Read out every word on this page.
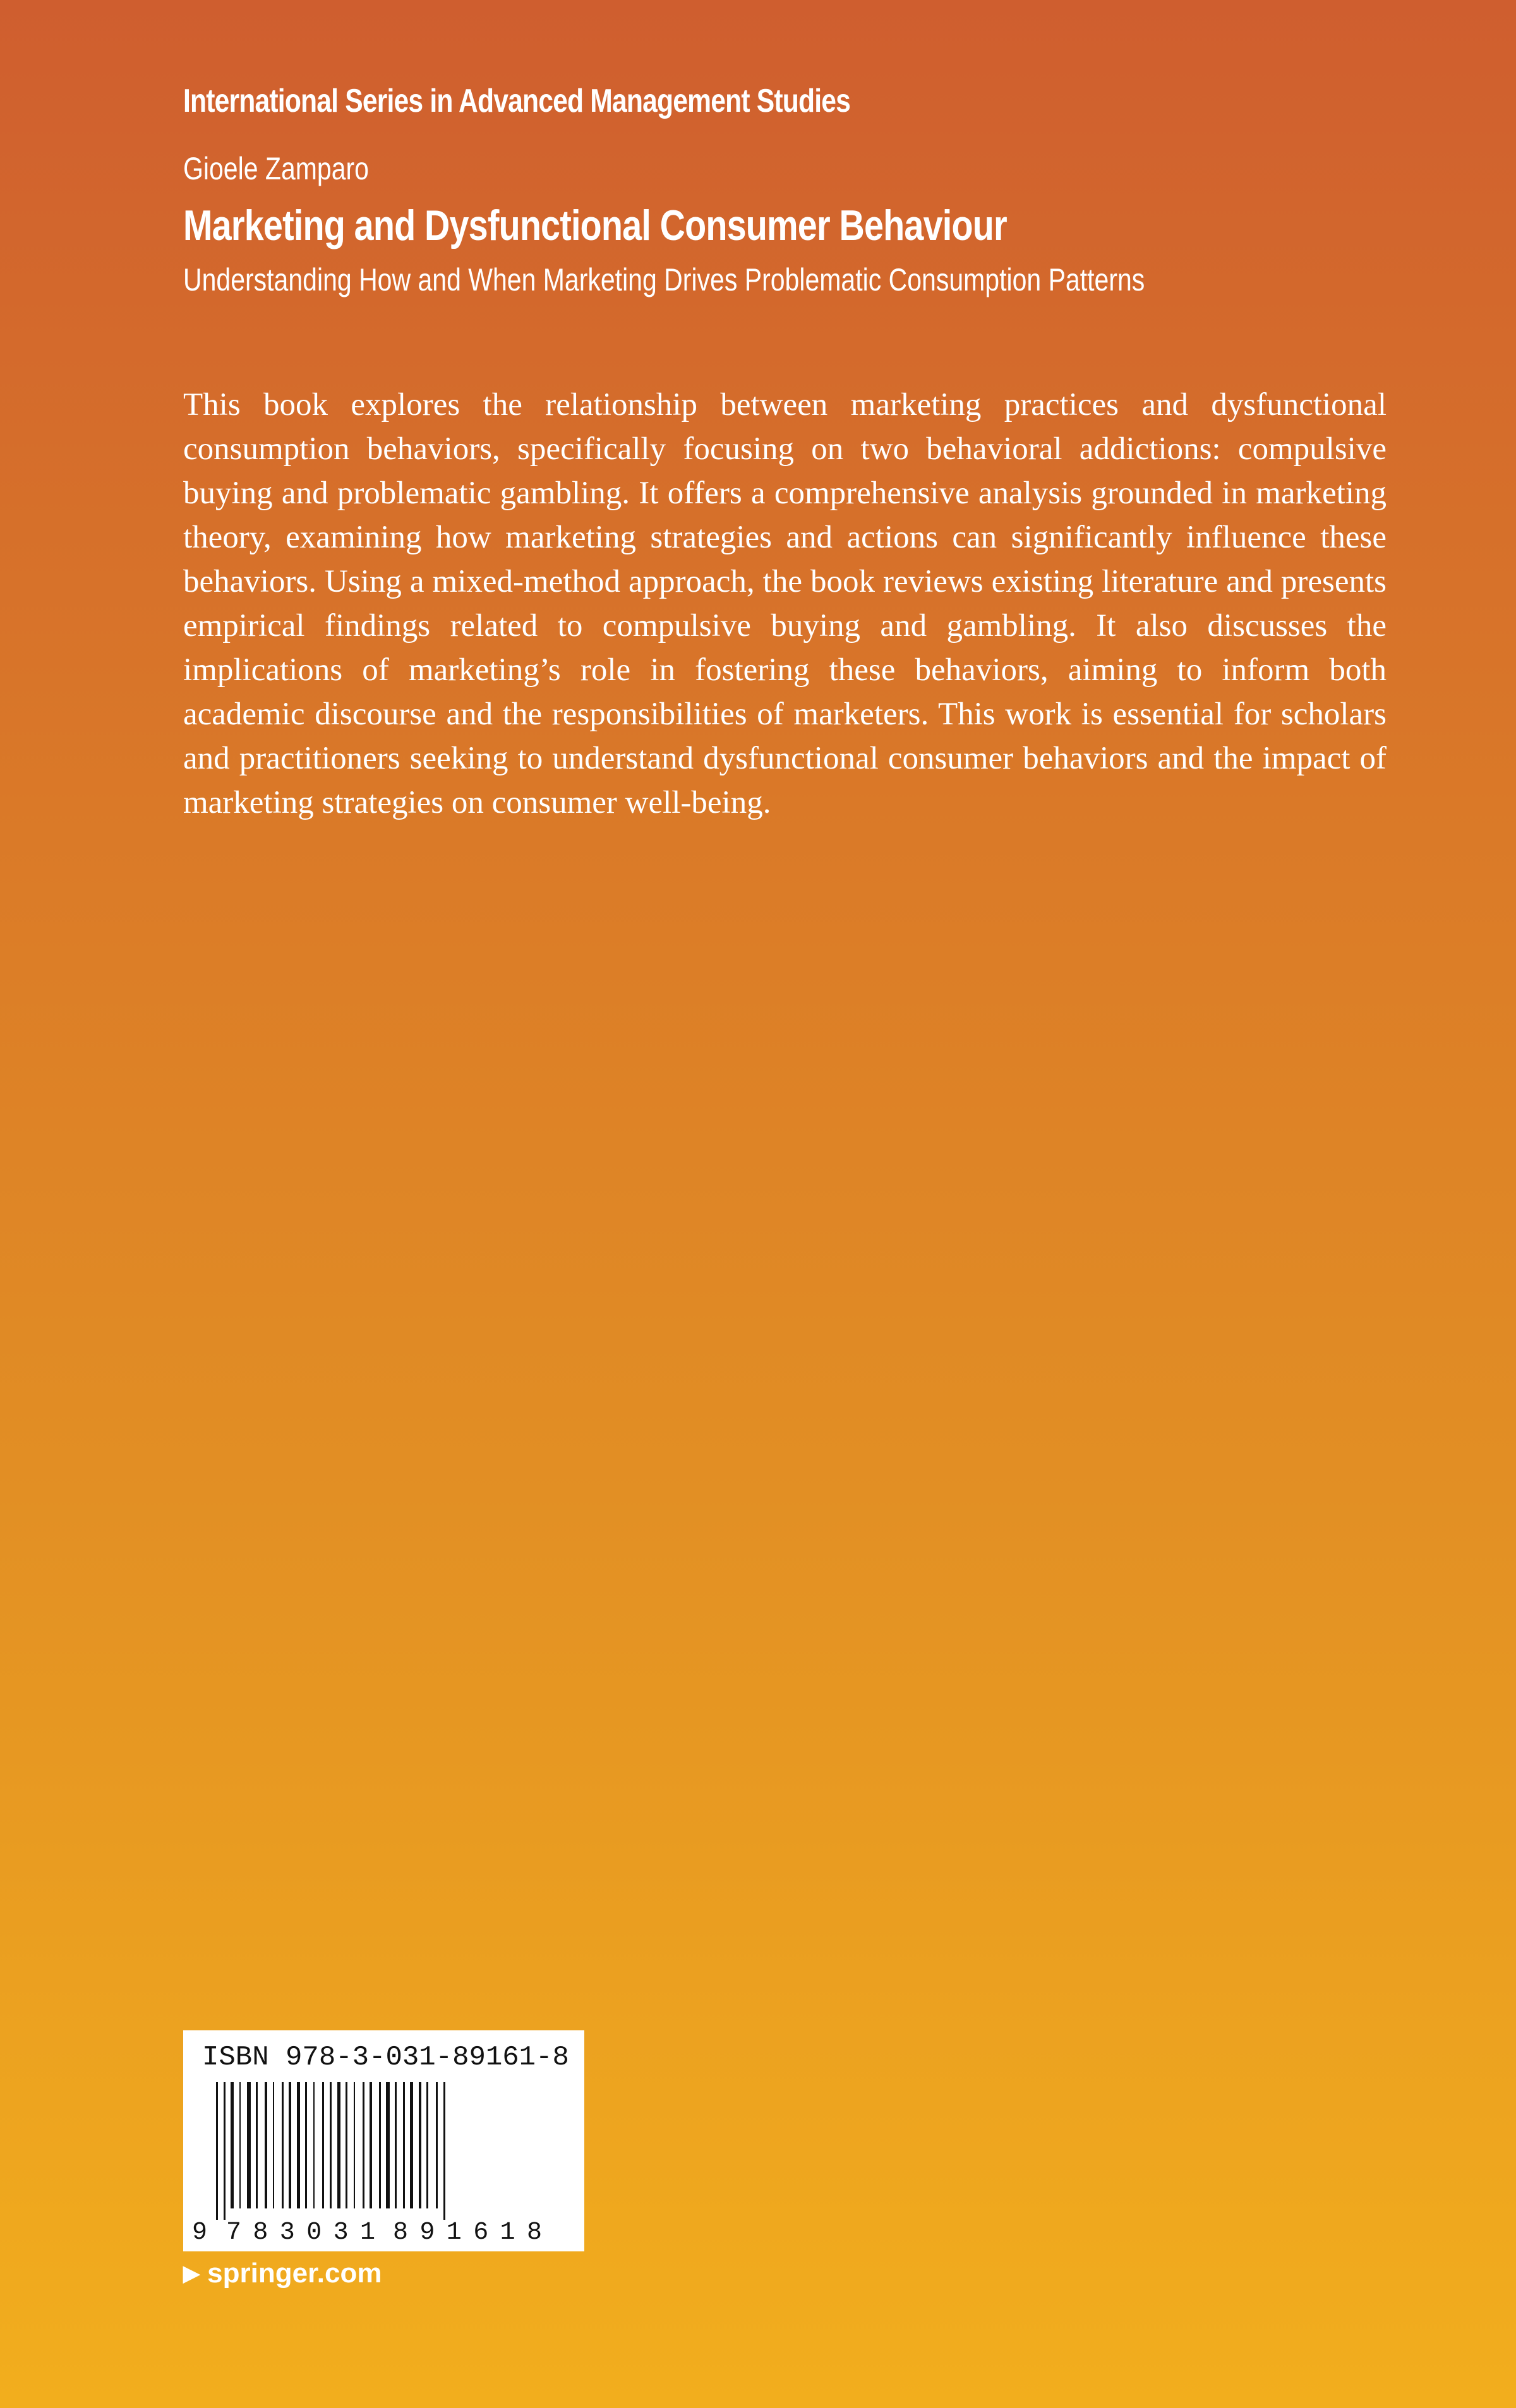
International Series in Advanced Management Studies
Gioele Zamparo
Marketing and Dysfunctional Consumer Behaviour
Understanding How and When Marketing Drives Problematic Consumption Patterns

This book explores the relationship between marketing practices and dysfunctional consumption behaviors, specifically focusing on two behavioral addictions: compulsive buying and problematic gambling. It offers a comprehensive analysis grounded in marketing theory, examining how marketing strategies and actions can significantly influence these behaviors. Using a mixed-method approach, the book reviews existing literature and presents empirical findings related to compulsive buying and gambling. It also discusses the implications of marketing’s role in fostering these behaviors, aiming to inform both academic discourse and the responsibilities of marketers. This work is essential for scholars and practitioners seeking to understand dysfunctional consumer behaviors and the impact of marketing strategies on consumer well-being.

ISBN 978-3-031-89161-8
9 783031 891618
▶ springer.com
